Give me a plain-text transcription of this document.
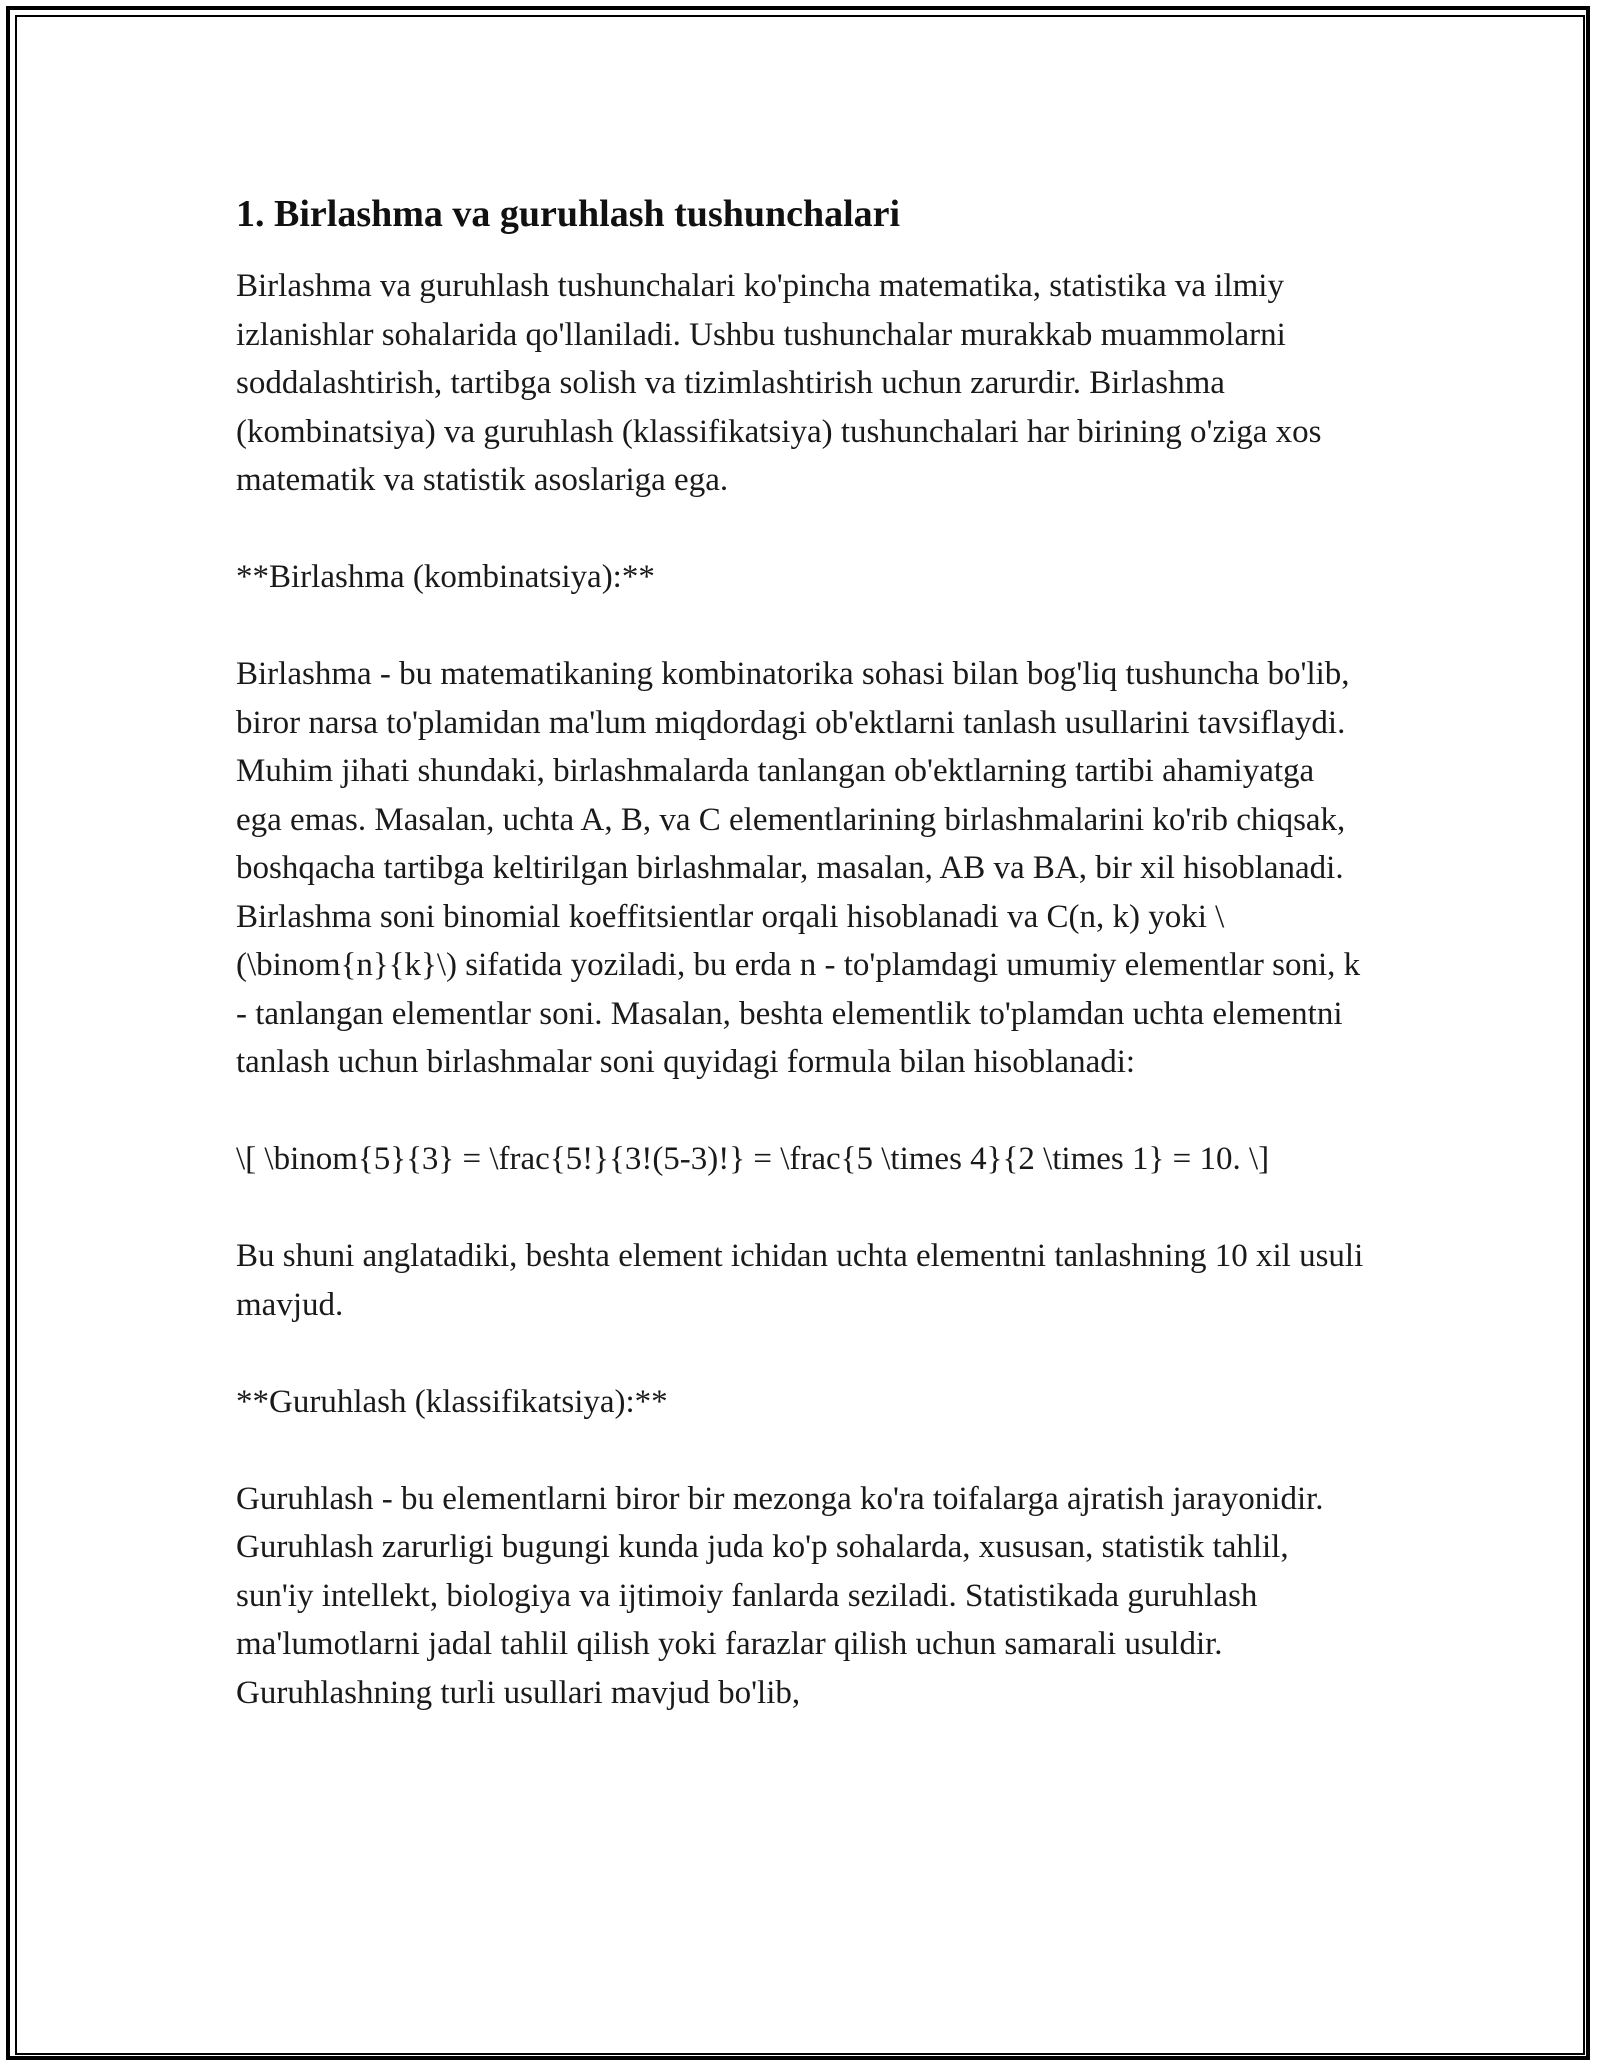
1. Birlashma va guruhlash tushunchalari

Birlashma va guruhlash tushunchalari ko'pincha matematika, statistika va ilmiy izlanishlar sohalarida qo'llaniladi. Ushbu tushunchalar murakkab muammolarni soddalashtirish, tartibga solish va tizimlashtirish uchun zarurdir. Birlashma (kombinatsiya) va guruhlash (klassifikatsiya) tushunchalari har birining o'ziga xos matematik va statistik asoslariga ega.

**Birlashma (kombinatsiya):**

Birlashma - bu matematikaning kombinatorika sohasi bilan bog'liq tushuncha bo'lib, biror narsa to'plamidan ma'lum miqdordagi ob'ektlarni tanlash usullarini tavsiflaydi. Muhim jihati shundaki, birlashmalarda tanlangan ob'ektlarning tartibi ahamiyatga ega emas. Masalan, uchta A, B, va C elementlarining birlashmalarini ko'rib chiqsak, boshqacha tartibga keltirilgan birlashmalar, masalan, AB va BA, bir xil hisoblanadi. Birlashma soni binomial koeffitsientlar orqali hisoblanadi va C(n, k) yoki \(\binom{n}{k}\) sifatida yoziladi, bu erda n - to'plamdagi umumiy elementlar soni, k - tanlangan elementlar soni. Masalan, beshta elementlik to'plamdan uchta elementni tanlash uchun birlashmalar soni quyidagi formula bilan hisoblanadi:

\[ \binom{5}{3} = \frac{5!}{3!(5-3)!} = \frac{5 \times 4}{2 \times 1} = 10. \]

Bu shuni anglatadiki, beshta element ichidan uchta elementni tanlashning 10 xil usuli mavjud.

**Guruhlash (klassifikatsiya):**

Guruhlash - bu elementlarni biror bir mezonga ko'ra toifalarga ajratish jarayonidir. Guruhlash zarurligi bugungi kunda juda ko'p sohalarda, xususan, statistik tahlil, sun'iy intellekt, biologiya va ijtimoiy fanlarda seziladi. Statistikada guruhlash ma'lumotlarni jadal tahlil qilish yoki farazlar qilish uchun samarali usuldir. Guruhlashning turli usullari mavjud bo'lib,
